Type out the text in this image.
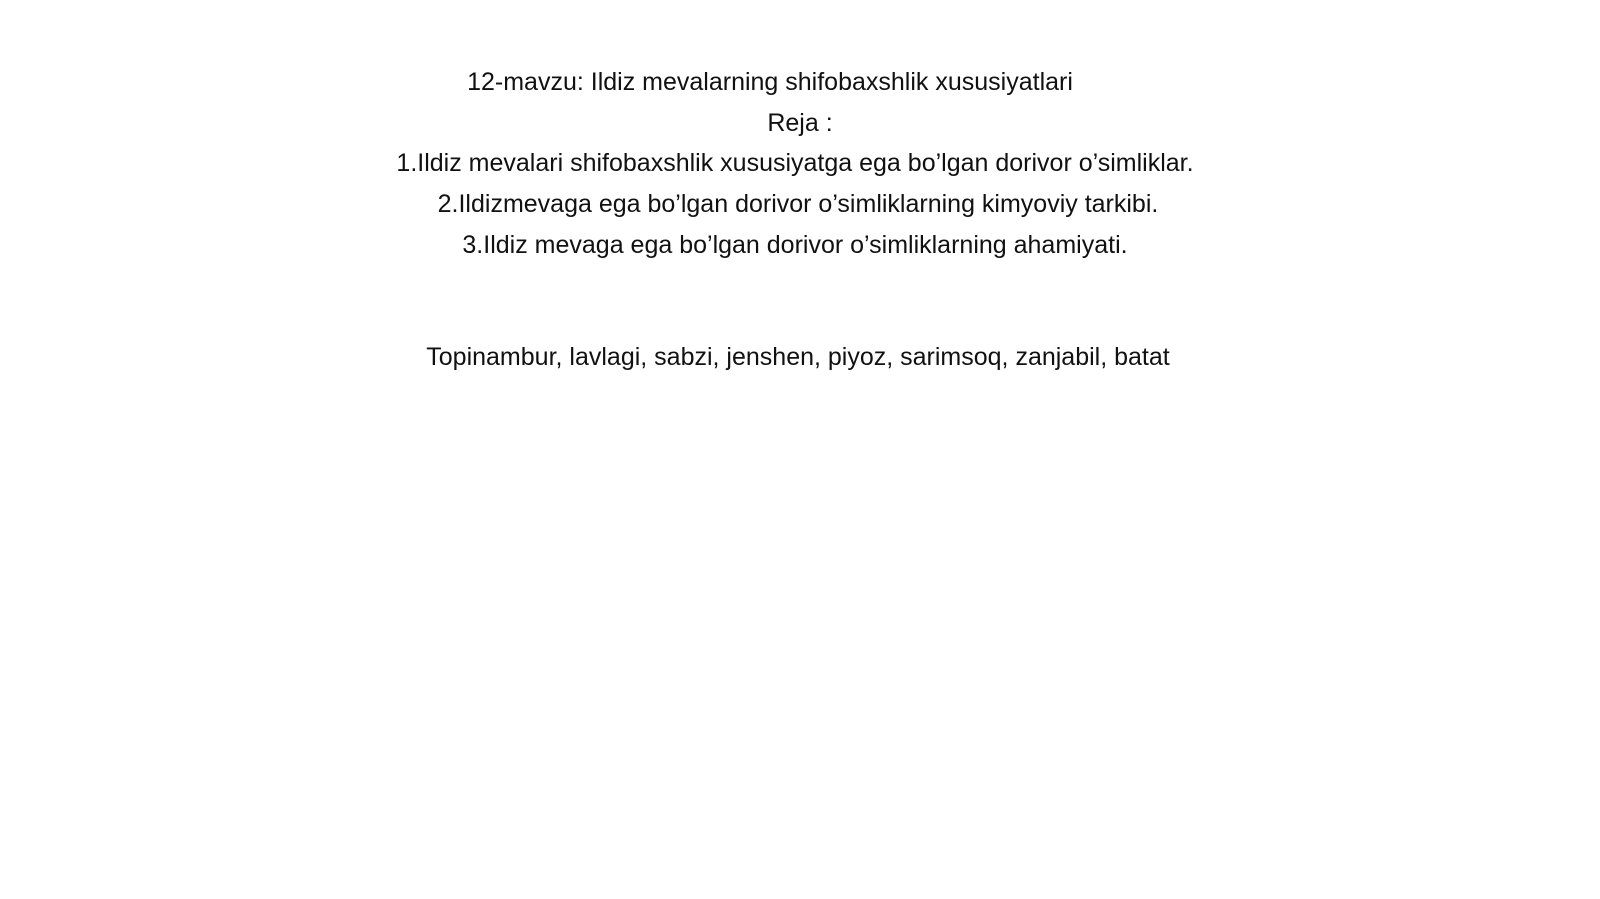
12-mavzu: Ildiz mevalarning shifobaxshlik xususiyatlari
Reja :
1.Ildiz mevalari shifobaxshlik xususiyatga ega bo’lgan dorivor o’simliklar.
2.Ildizmevaga ega bo’lgan dorivor o’simliklarning kimyoviy tarkibi.
3.Ildiz mevaga ega bo’lgan dorivor o’simliklarning ahamiyati.
Topinambur, lavlagi, sabzi, jenshen, piyoz, sarimsoq, zanjabil, batat
